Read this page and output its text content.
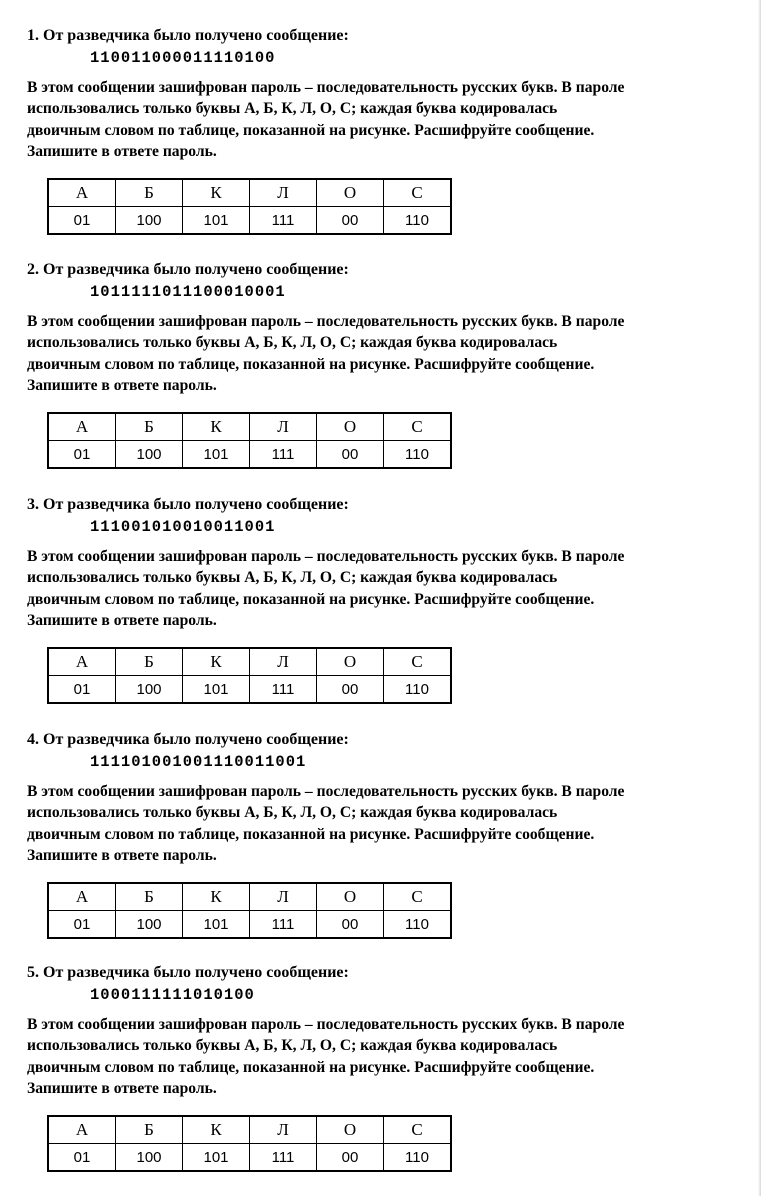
1. От разведчика было получено сообщение:
110011000011110100
В этом сообщении зашифрован пароль – последовательность русских букв. В пароле
использовались только буквы А, Б, К, Л, О, С; каждая буква кодировалась
двоичным словом по таблице, показанной на рисунке. Расшифруйте сообщение.
Запишите в ответе пароль.
А	Б	К	Л	О	С
01	100	101	111	00	110
2. От разведчика было получено сообщение:
1011111011100010001
В этом сообщении зашифрован пароль – последовательность русских букв. В пароле
использовались только буквы А, Б, К, Л, О, С; каждая буква кодировалась
двоичным словом по таблице, показанной на рисунке. Расшифруйте сообщение.
Запишите в ответе пароль.
А	Б	К	Л	О	С
01	100	101	111	00	110
3. От разведчика было получено сообщение:
111001010010011001
В этом сообщении зашифрован пароль – последовательность русских букв. В пароле
использовались только буквы А, Б, К, Л, О, С; каждая буква кодировалась
двоичным словом по таблице, показанной на рисунке. Расшифруйте сообщение.
Запишите в ответе пароль.
А	Б	К	Л	О	С
01	100	101	111	00	110
4. От разведчика было получено сообщение:
111101001001110011001
В этом сообщении зашифрован пароль – последовательность русских букв. В пароле
использовались только буквы А, Б, К, Л, О, С; каждая буква кодировалась
двоичным словом по таблице, показанной на рисунке. Расшифруйте сообщение.
Запишите в ответе пароль.
А	Б	К	Л	О	С
01	100	101	111	00	110
5. От разведчика было получено сообщение:
1000111111010100
В этом сообщении зашифрован пароль – последовательность русских букв. В пароле
использовались только буквы А, Б, К, Л, О, С; каждая буква кодировалась
двоичным словом по таблице, показанной на рисунке. Расшифруйте сообщение.
Запишите в ответе пароль.
А	Б	К	Л	О	С
01	100	101	111	00	110
